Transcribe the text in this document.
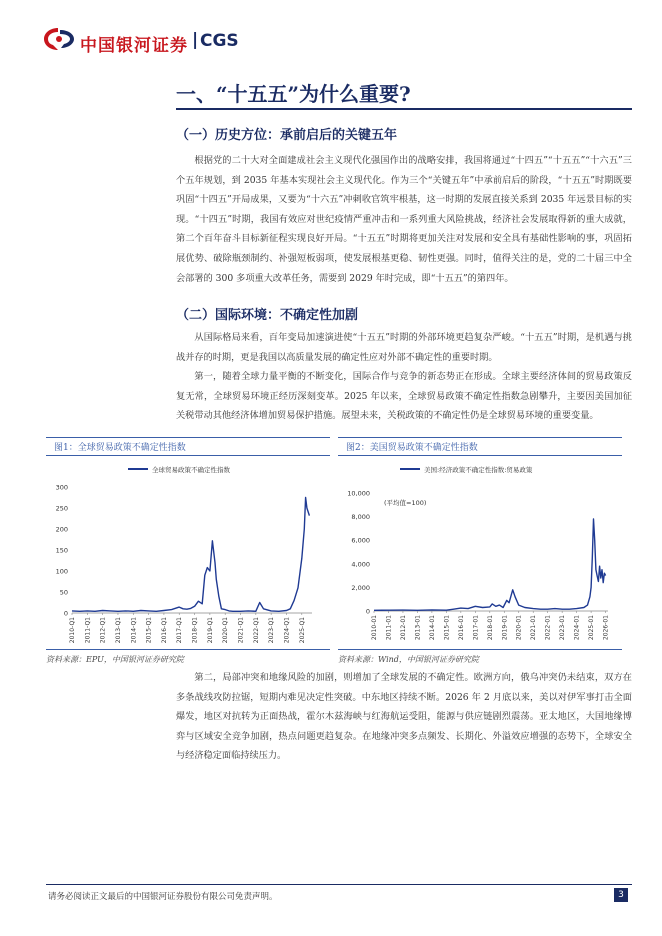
中国银河证券 | CGS
一、“十五五”为什么重要?
（一）历史方位：承前启后的关键五年

根据党的二十大对全面建成社会主义现代化强国作出的战略安排，我国将通过“十四五”“十五五”“十六五”三个五年规划，到 2035 年基本实现社会主义现代化。作为三个“关键五年”中承前启后的阶段，“十五五”时期既要巩固“十四五”开局成果，又要为“十六五”冲刺收官筑牢根基，这一时期的发展直接关系到 2035 年远景目标的实现。“十四五”时期，我国有效应对世纪疫情严重冲击和一系列重大风险挑战，经济社会发展取得新的重大成就，第二个百年奋斗目标新征程实现良好开局。“十五五”时期将更加关注对发展和安全具有基础性影响的事，巩固拓展优势、破除瓶颈制约、补强短板弱项，使发展根基更稳、韧性更强。同时，值得关注的是，党的二十届三中全会部署的 300 多项重大改革任务，需要到 2029 年时完成，即“十五五”的第四年。

（二）国际环境：不确定性加剧

从国际格局来看，百年变局加速演进使“十五五”时期的外部环境更趋复杂严峻。“十五五”时期，是机遇与挑战并存的时期，更是我国以高质量发展的确定性应对外部不确定性的重要时期。

第一，随着全球力量平衡的不断变化，国际合作与竞争的新态势正在形成。全球主要经济体间的贸易政策反复无常，全球贸易环境正经历深刻变革。2025 年以来，全球贸易政策不确定性指数急剧攀升，主要因美国加征关税带动其他经济体增加贸易保护措施。展望未来，关税政策的不确定性仍是全球贸易环境的重要变量。

图1：全球贸易政策不确定性指数
全球贸易政策不确定性指数
0
50
100
150
200
250
300
2010-Q1 2011-Q1 2012-Q1 2013-Q1 2014-Q1 2015-Q1 2016-Q1 2017-Q1 2018-Q1 2019-Q1 2020-Q1 2021-Q1 2022-Q1 2023-Q1 2024-Q1 2025-Q1
资料来源：EPU，中国银河证券研究院
图2：美国贸易政策不确定性指数
美国:经济政策不确定性指数:贸易政策
(平均值=100)
0
2,000
4,000
6,000
8,000
10,000
2010-01 2011-01 2012-01 2013-01 2014-01 2015-01 2016-01 2017-01 2018-01 2019-01 2020-01 2021-01 2022-01 2023-01 2024-01 2025-01 2026-01
资料来源：Wind，中国银河证券研究院

第二，局部冲突和地缘风险的加剧，则增加了全球发展的不确定性。欧洲方向，俄乌冲突仍未结束，双方在多条战线攻防拉锯，短期内难见决定性突破。中东地区持续不断。2026 年 2 月底以来，美以对伊军事打击全面爆发，地区对抗转为正面热战，霍尔木兹海峡与红海航运受阻，能源与供应链剧烈震荡。亚太地区，大国地缘博弈与区域安全竞争加剧，热点问题更趋复杂。在地缘冲突多点频发、长期化、外溢效应增强的态势下，全球安全与经济稳定面临持续压力。

请务必阅读正文最后的中国银河证券股份有限公司免责声明。	3
